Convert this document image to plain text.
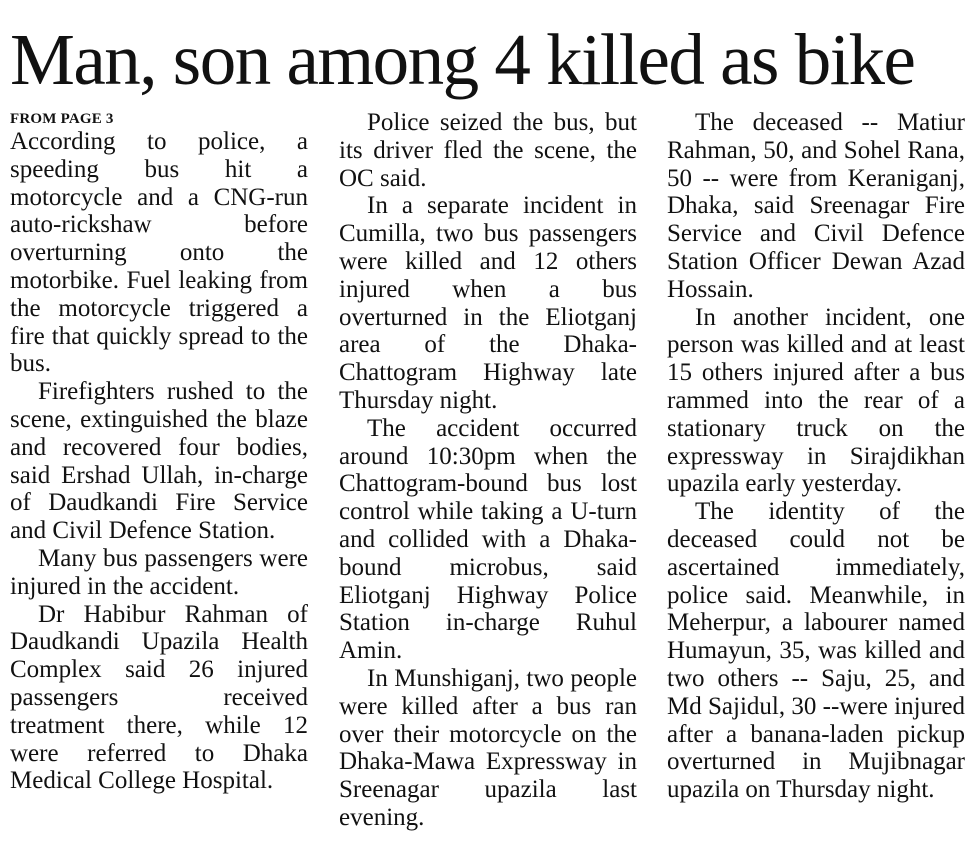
Man, son among 4 killed as bike
FROM PAGE 3

According to police, a speeding bus hit a motorcycle and a CNG-run auto-rickshaw before overturning onto the motorbike. Fuel leaking from the motorcycle triggered a fire that quickly spread to the bus.

Firefighters rushed to the scene, extinguished the blaze and recovered four bodies, said Ershad Ullah, in-charge of Daudkandi Fire Service and Civil Defence Station.

Many bus passengers were injured in the accident.

Dr Habibur Rahman of Daudkandi Upazila Health Complex said 26 injured passengers received treatment there, while 12 were referred to Dhaka Medical College Hospital.

Police seized the bus, but its driver fled the scene, the OC said.

In a separate incident in Cumilla, two bus passengers were killed and 12 others injured when a bus overturned in the Eliotganj area of the Dhaka-Chattogram Highway late Thursday night.

The accident occurred around 10:30pm when the Chattogram-bound bus lost control while taking a U-turn and collided with a Dhaka-bound microbus, said Eliotganj Highway Police Station in-charge Ruhul Amin.

In Munshiganj, two people were killed after a bus ran over their motorcycle on the Dhaka-Mawa Expressway in Sreenagar upazila last evening.

The deceased -- Matiur Rahman, 50, and Sohel Rana, 50 -- were from Keraniganj, Dhaka, said Sreenagar Fire Service and Civil Defence Station Officer Dewan Azad Hossain.

In another incident, one person was killed and at least 15 others injured after a bus rammed into the rear of a stationary truck on the expressway in Sirajdikhan upazila early yesterday.

The identity of the deceased could not be ascertained immediately, police said. Meanwhile, in Meherpur, a labourer named Humayun, 35, was killed and two others -- Saju, 25, and Md Sajidul, 30 --were injured after a banana-laden pickup overturned in Mujibnagar upazila on Thursday night.
